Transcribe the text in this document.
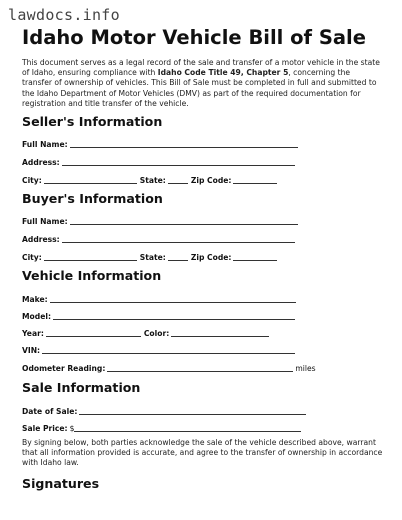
lawdocs.info
Idaho Motor Vehicle Bill of Sale
This document serves as a legal record of the sale and transfer of a motor vehicle in the state of Idaho, ensuring compliance with Idaho Code Title 49, Chapter 5, concerning the transfer of ownership of vehicles. This Bill of Sale must be completed in full and submitted to the Idaho Department of Motor Vehicles (DMV) as part of the required documentation for registration and title transfer of the vehicle.
Seller's Information
Full Name:
Address:
City:	State:	Zip Code:
Buyer's Information
Full Name:
Address:
City:	State:	Zip Code:
Vehicle Information
Make:
Model:
Year:	Color:
VIN:
Odometer Reading:	miles
Sale Information
Date of Sale:
Sale Price: $
By signing below, both parties acknowledge the sale of the vehicle described above, warrant that all information provided is accurate, and agree to the transfer of ownership in accordance with Idaho law.
Signatures
